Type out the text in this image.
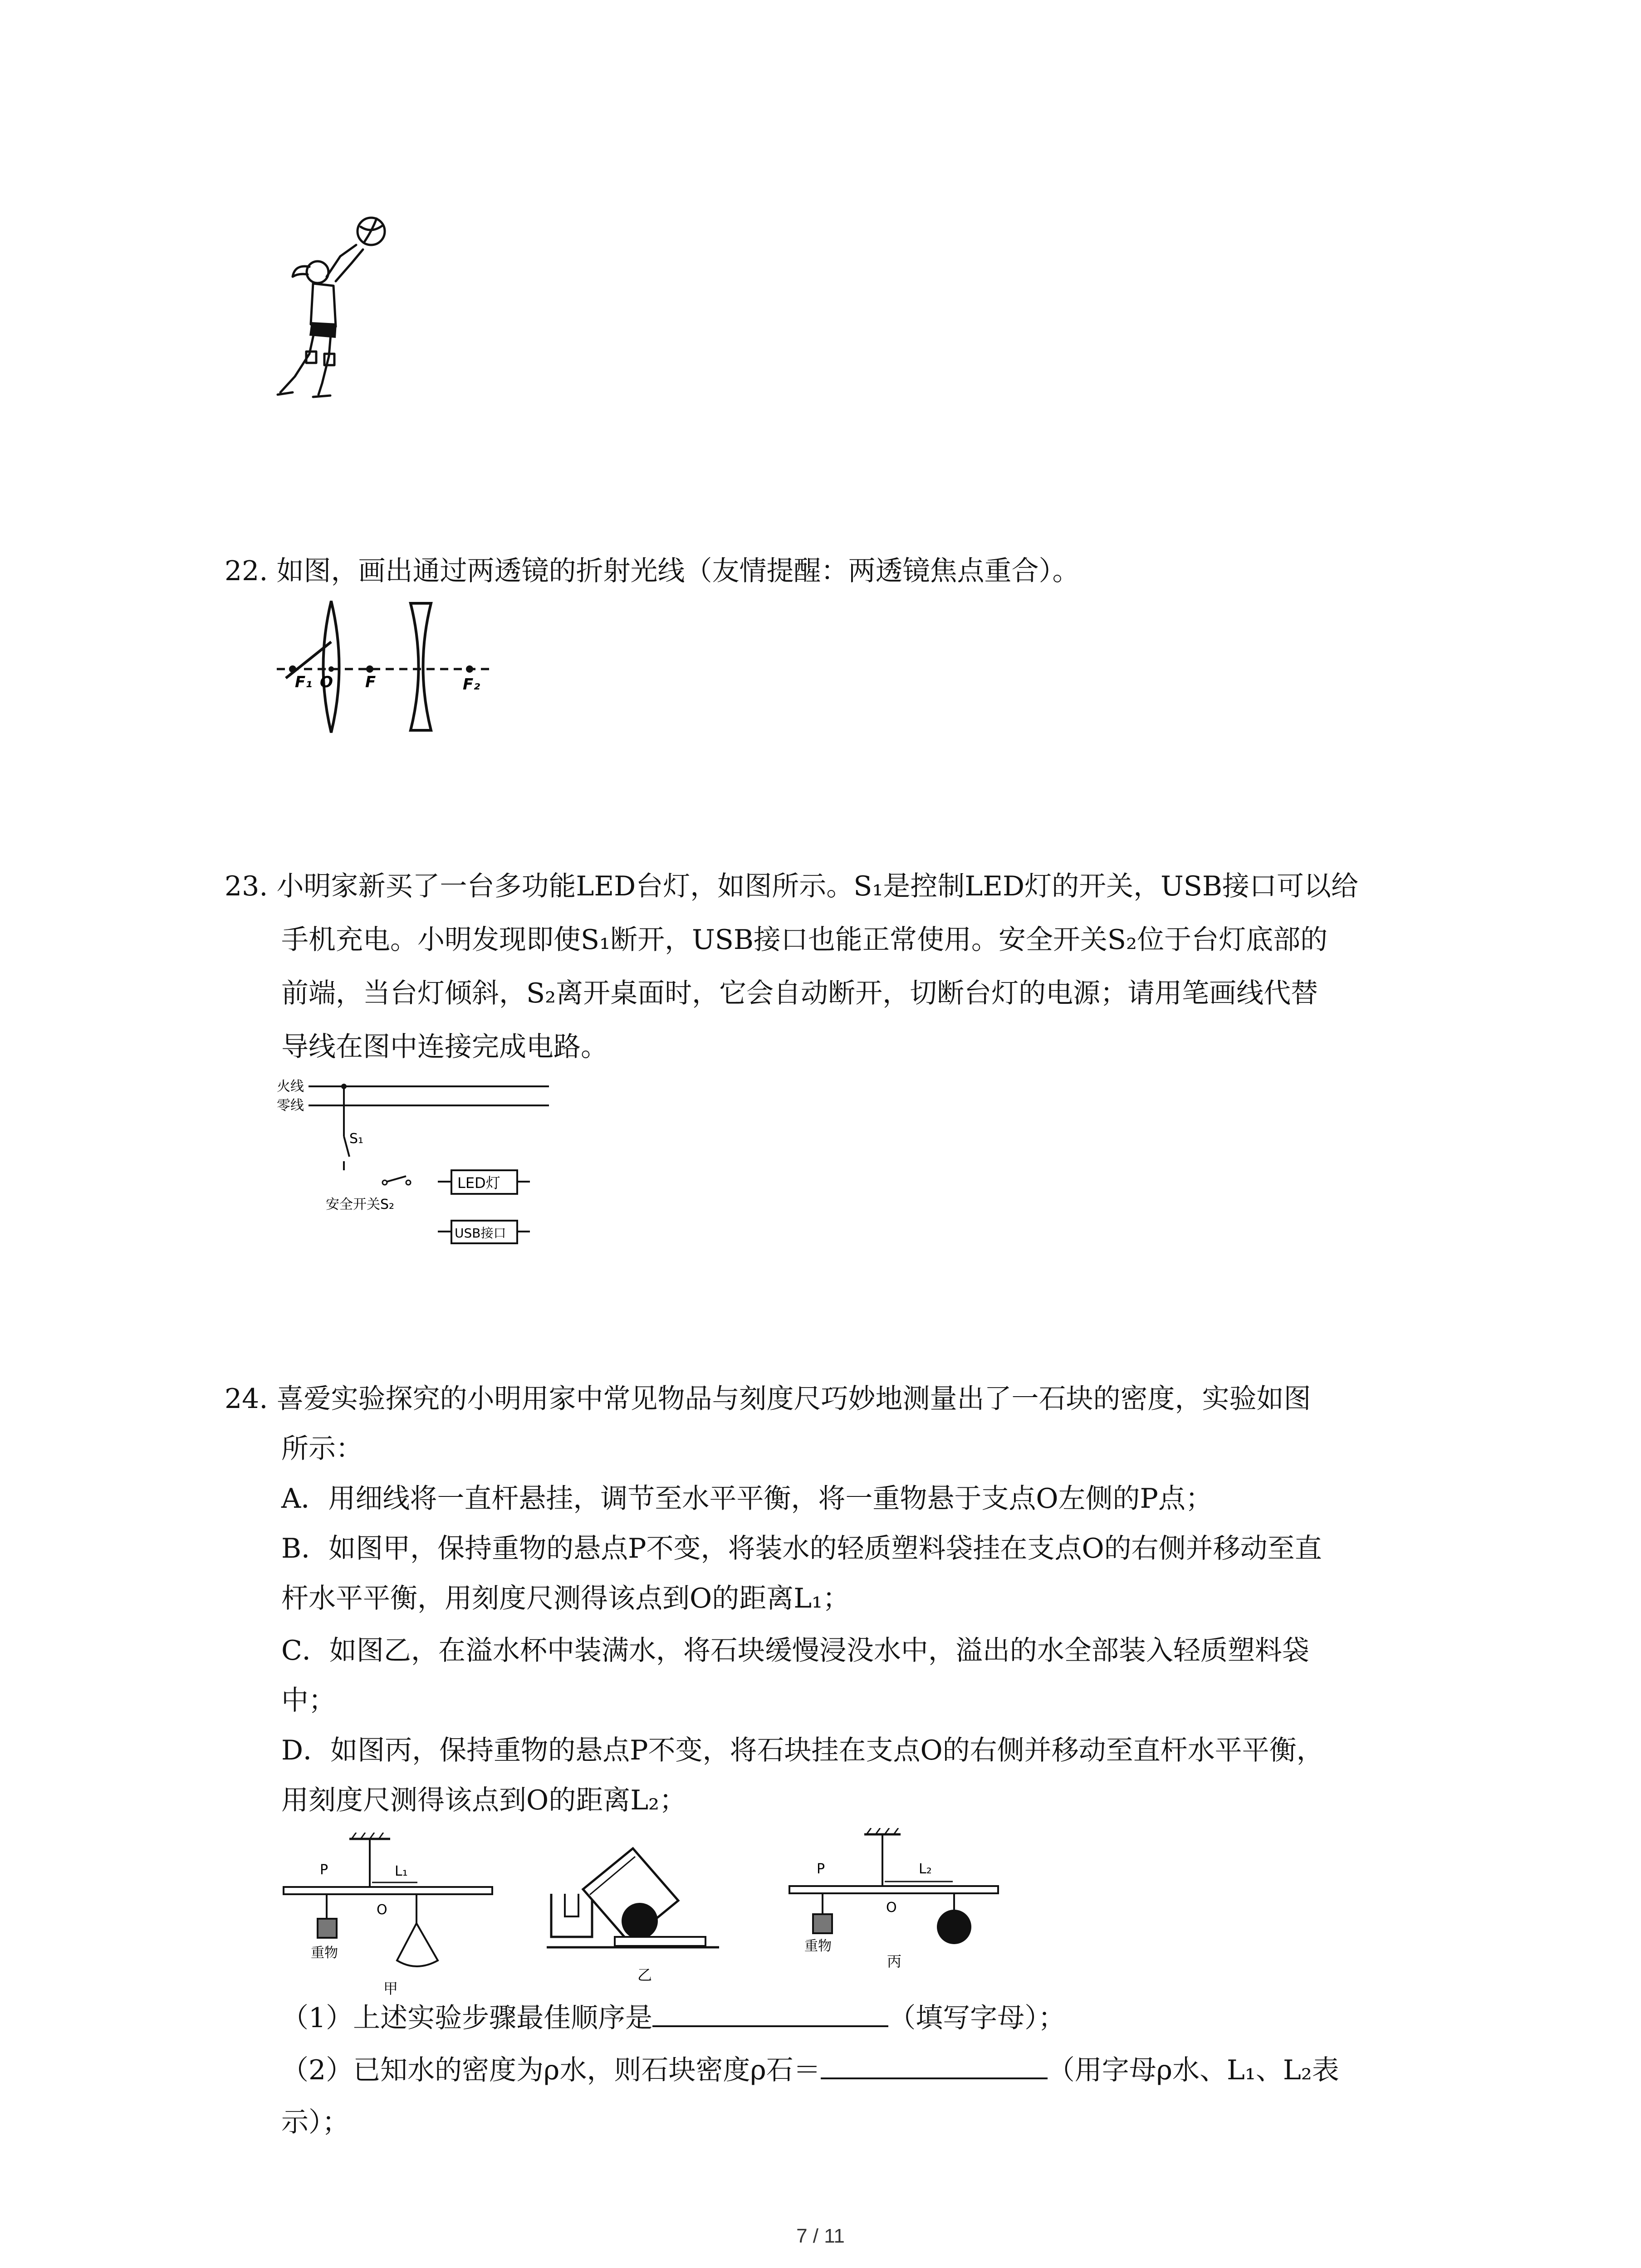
22. 如图，画出通过两透镜的折射光线（友情提醒：两透镜焦点重合）。
F₁ O F	F₂
23. 小明家新买了一台多功能LED台灯，如图所示。S₁是控制LED灯的开关，USB接口可以给
手机充电。小明发现即使S₁断开，USB接口也能正常使用。安全开关S₂位于台灯底部的
前端，当台灯倾斜，S₂离开桌面时，它会自动断开，切断台灯的电源；请用笔画线代替
导线在图中连接完成电路。
火线
零线
S₁
安全开关S₂
LED灯
USB接口
24. 喜爱实验探究的小明用家中常见物品与刻度尺巧妙地测量出了一石块的密度，实验如图
所示：
A．用细线将一直杆悬挂，调节至水平平衡，将一重物悬于支点O左侧的P点；
B．如图甲，保持重物的悬点P不变，将装水的轻质塑料袋挂在支点O的右侧并移动至直
杆水平平衡，用刻度尺测得该点到O的距离L₁；
C．如图乙，在溢水杯中装满水，将石块缓慢浸没水中，溢出的水全部装入轻质塑料袋
中；
D．如图丙，保持重物的悬点P不变，将石块挂在支点O的右侧并移动至直杆水平平衡，
用刻度尺测得该点到O的距离L₂；
P	L₁
O
重物
甲
乙
P	L₂
O
重物
丙
（1）上述实验步骤最佳顺序是	（填写字母）；
（2）已知水的密度为ρ水，则石块密度ρ石＝	（用字母ρ水、L₁、L₂表
示）；
7 / 11
